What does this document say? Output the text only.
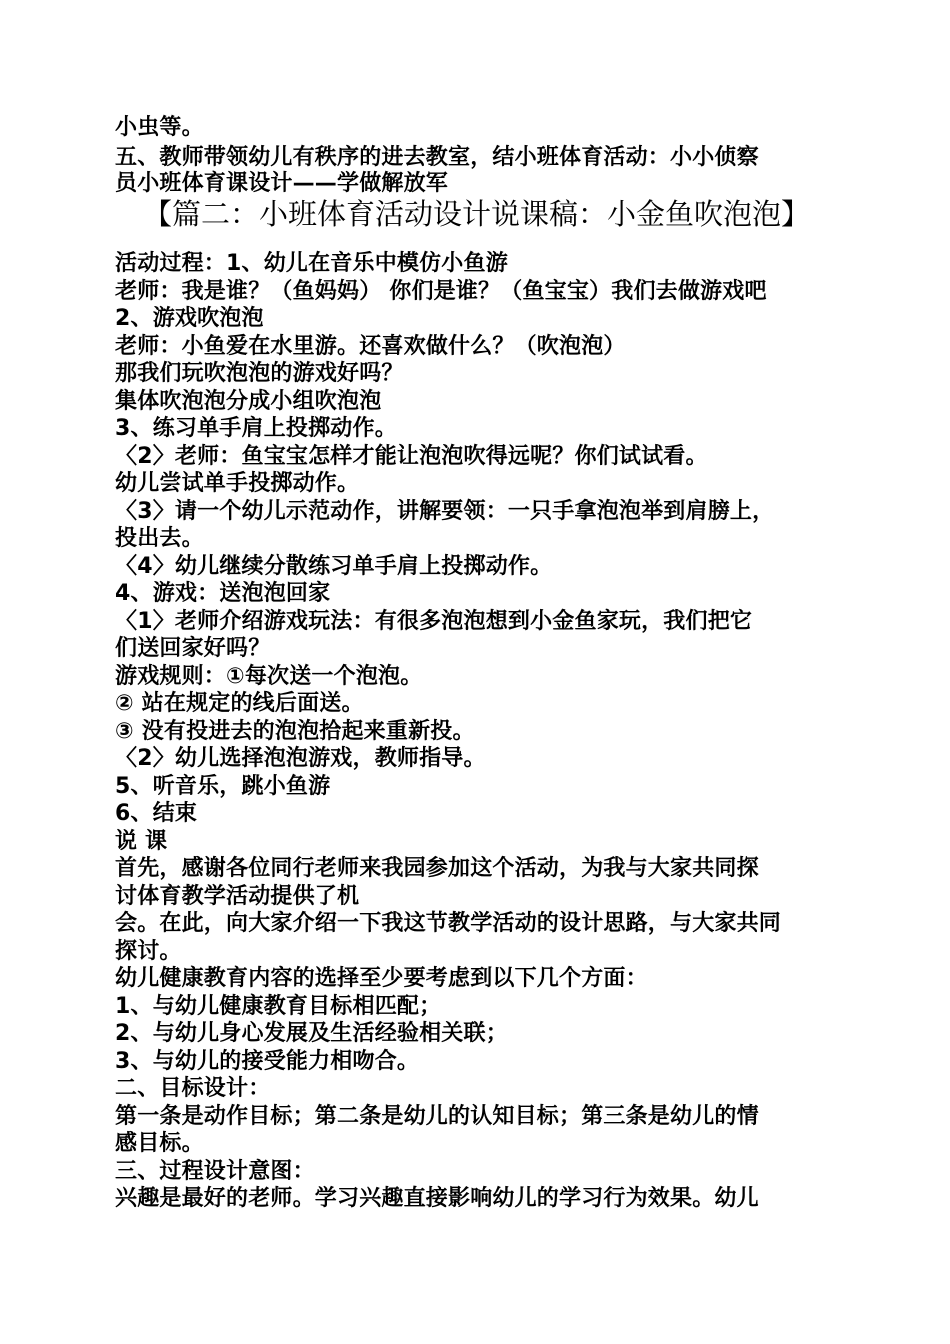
小虫等。
五、教师带领幼儿有秩序的进去教室，结小班体育活动：小小侦察
员小班体育课设计——学做解放军
【篇二：小班体育活动设计说课稿：小金鱼吹泡泡】
活动过程：1、幼儿在音乐中模仿小鱼游
老师：我是谁？（鱼妈妈） 你们是谁？（鱼宝宝）我们去做游戏吧
2、游戏吹泡泡
老师：小鱼爱在水里游。还喜欢做什么？（吹泡泡）
那我们玩吹泡泡的游戏好吗？
集体吹泡泡分成小组吹泡泡
3、练习单手肩上投掷动作。
〈2〉老师：鱼宝宝怎样才能让泡泡吹得远呢？你们试试看。
幼儿尝试单手投掷动作。
〈3〉请一个幼儿示范动作，讲解要领：一只手拿泡泡举到肩膀上，
投出去。
〈4〉幼儿继续分散练习单手肩上投掷动作。
4、游戏：送泡泡回家
〈1〉老师介绍游戏玩法：有很多泡泡想到小金鱼家玩，我们把它
们送回家好吗？
游戏规则：①每次送一个泡泡。
② 站在规定的线后面送。
③ 没有投进去的泡泡拾起来重新投。
〈2〉幼儿选择泡泡游戏，教师指导。
5、听音乐，跳小鱼游
6、结束
说 课
首先，感谢各位同行老师来我园参加这个活动，为我与大家共同探
讨体育教学活动提供了机
会。在此，向大家介绍一下我这节教学活动的设计思路，与大家共同
探讨。
幼儿健康教育内容的选择至少要考虑到以下几个方面：
1、与幼儿健康教育目标相匹配；
2、与幼儿身心发展及生活经验相关联；
3、与幼儿的接受能力相吻合。
二、目标设计：
第一条是动作目标；第二条是幼儿的认知目标；第三条是幼儿的情
感目标。
三、过程设计意图：
兴趣是最好的老师。学习兴趣直接影响幼儿的学习行为效果。幼儿
